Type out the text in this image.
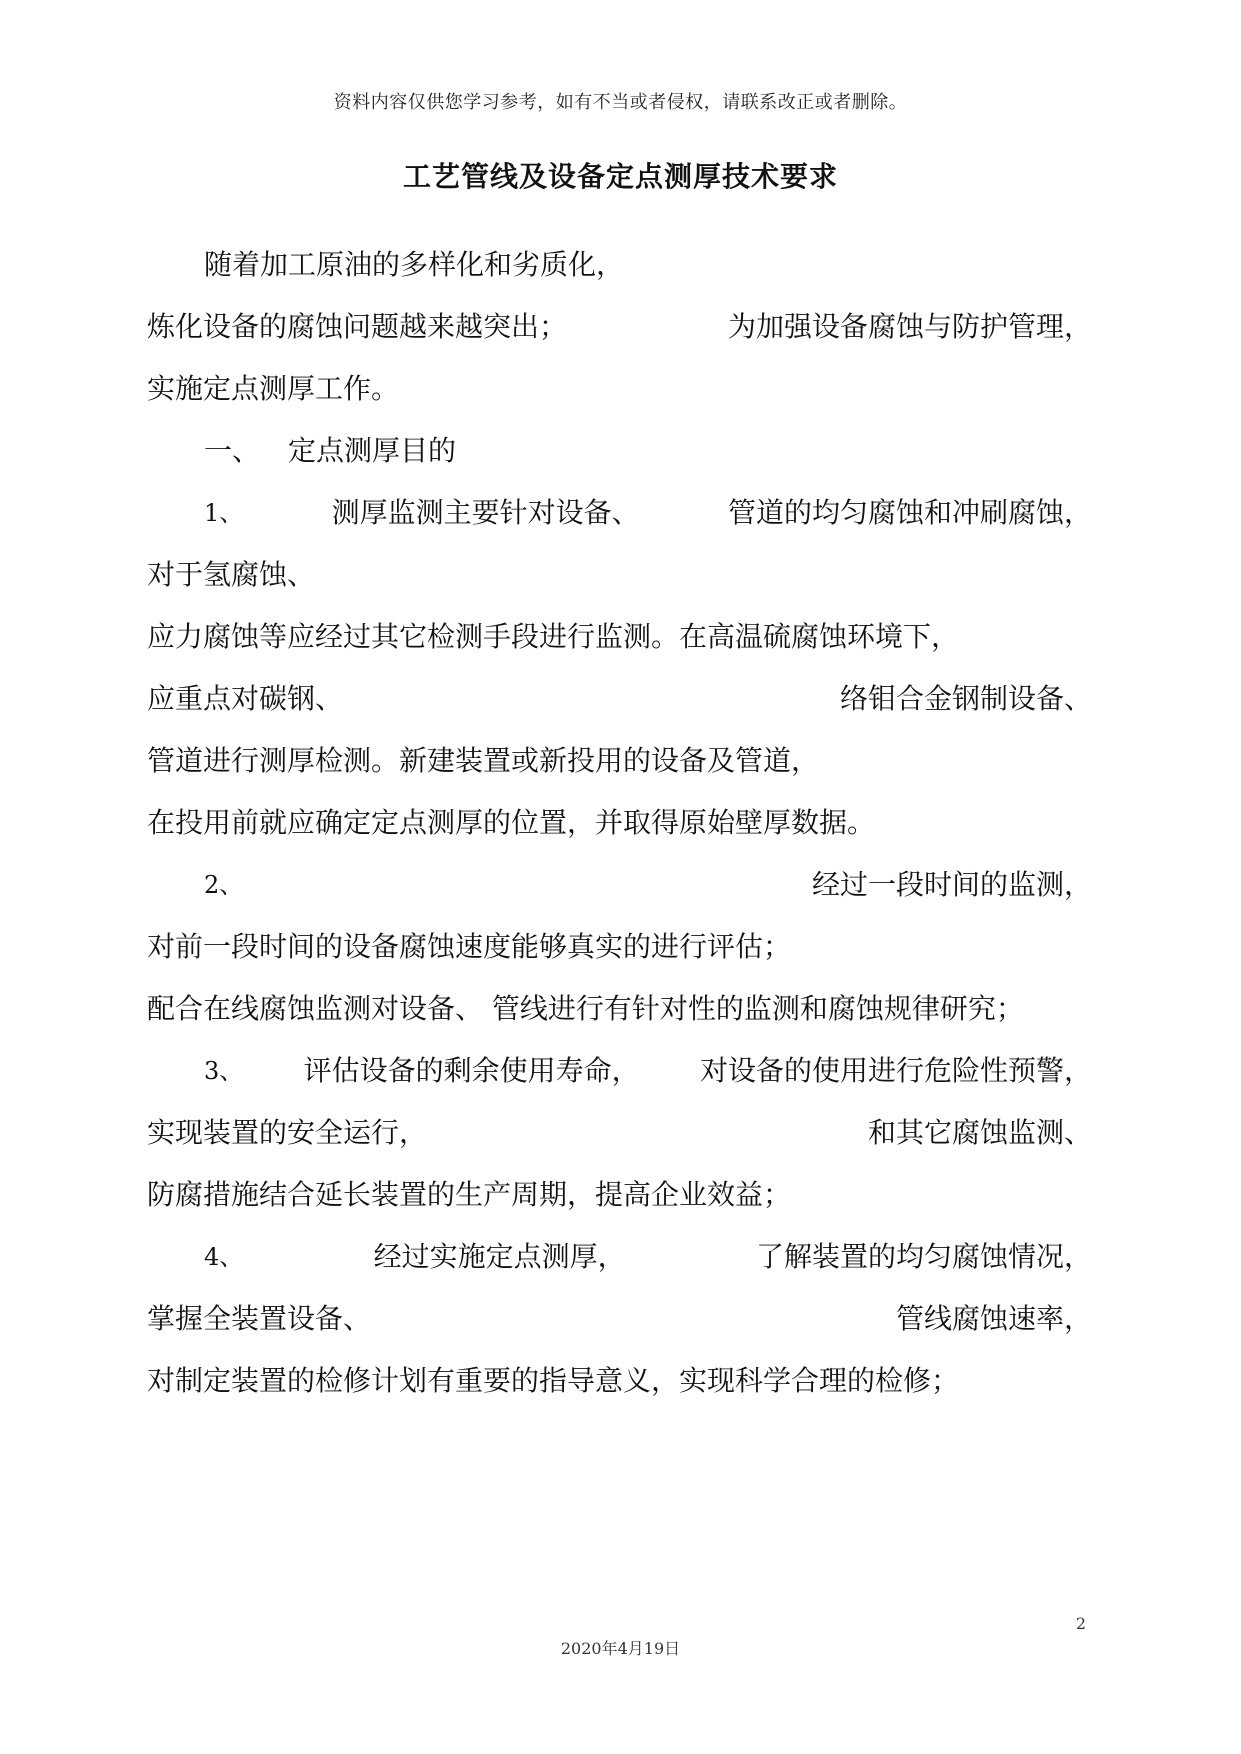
资料内容仅供您学习参考，如有不当或者侵权，请联系改正或者删除。
工艺管线及设备定点测厚技术要求
随着加工原油的多样化和劣质化，
炼化设备的腐蚀问题越来越突出；	为加强设备腐蚀与防护管理，
实施定点测厚工作。
一、 定点测厚目的
1、	测厚监测主要针对设备、	管道的均匀腐蚀和冲刷腐蚀，
对于氢腐蚀、
应力腐蚀等应经过其它检测手段进行监测。在高温硫腐蚀环境下，
应重点对碳钢、	络钼合金钢制设备、
管道进行测厚检测。新建装置或新投用的设备及管道，
在投用前就应确定定点测厚的位置，并取得原始壁厚数据。
2、	经过一段时间的监测，
对前一段时间的设备腐蚀速度能够真实的进行评估；
配合在线腐蚀监测对设备、 管线进行有针对性的监测和腐蚀规律研究；
3、 评估设备的剩余使用寿命， 对设备的使用进行危险性预警，
实现装置的安全运行，	和其它腐蚀监测、
防腐措施结合延长装置的生产周期，提高企业效益；
4、	经过实施定点测厚，	了解装置的均匀腐蚀情况，
掌握全装置设备、	管线腐蚀速率，
对制定装置的检修计划有重要的指导意义，实现科学合理的检修；
2
2020年4月19日
